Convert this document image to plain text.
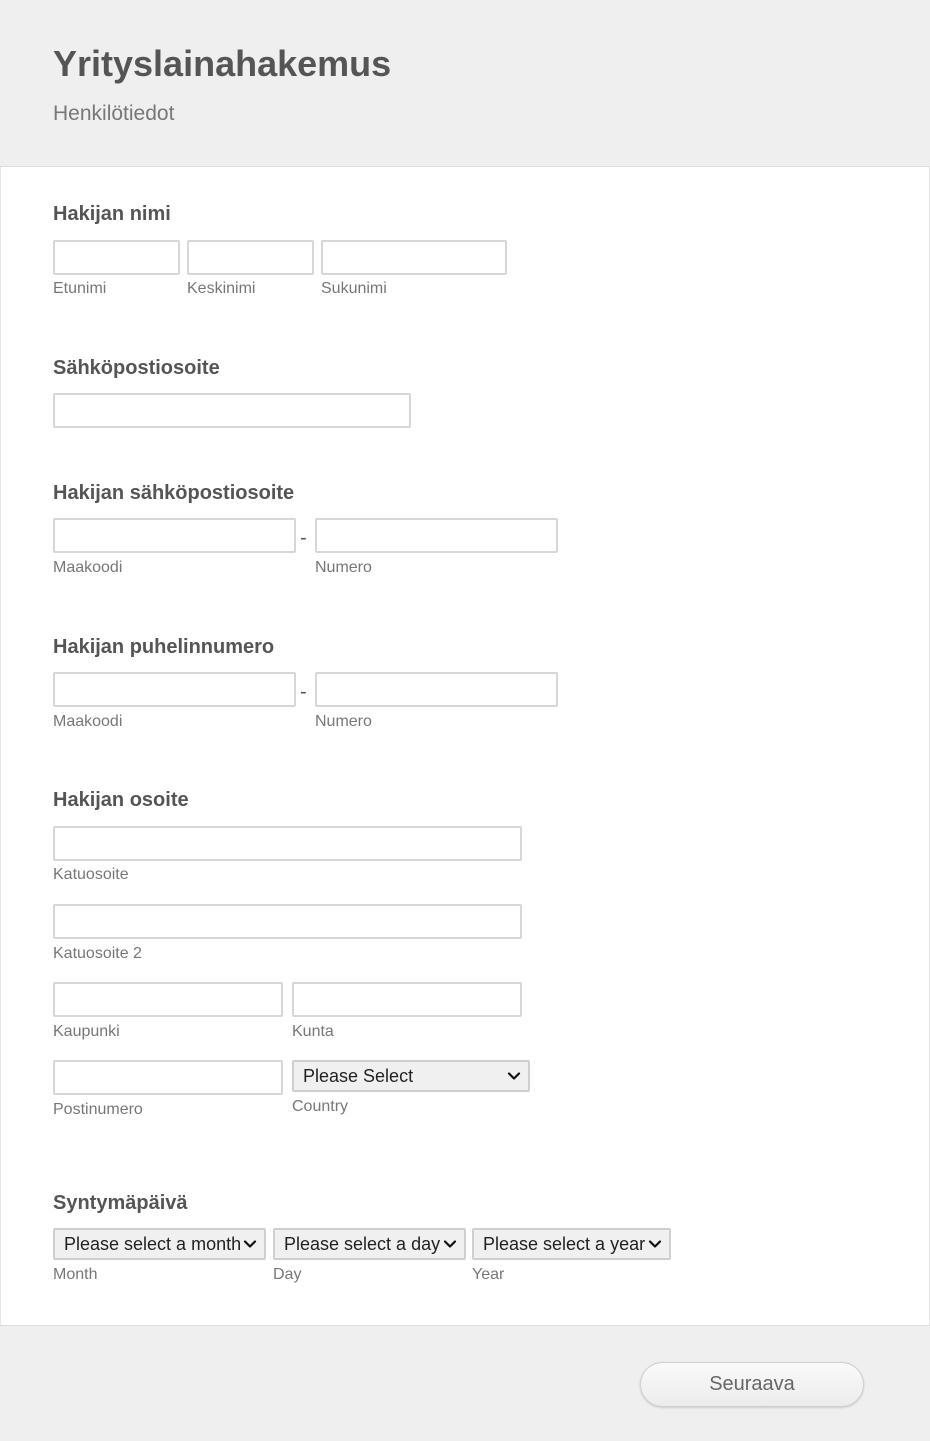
Yrityslainahakemus
Henkilötiedot
Hakijan nimi
Etunimi	Keskinimi	Sukunimi
Sähköpostiosoite
Hakijan sähköpostiosoite
-
Maakoodi	Numero
Hakijan puhelinnumero
-
Maakoodi	Numero
Hakijan osoite
Katuosoite
Katuosoite 2
Kaupunki	Kunta
Please Select
Postinumero	Country
Syntymäpäivä
Please select a month Please select a day Please select a year
Month	Day	Year
Seuraava
